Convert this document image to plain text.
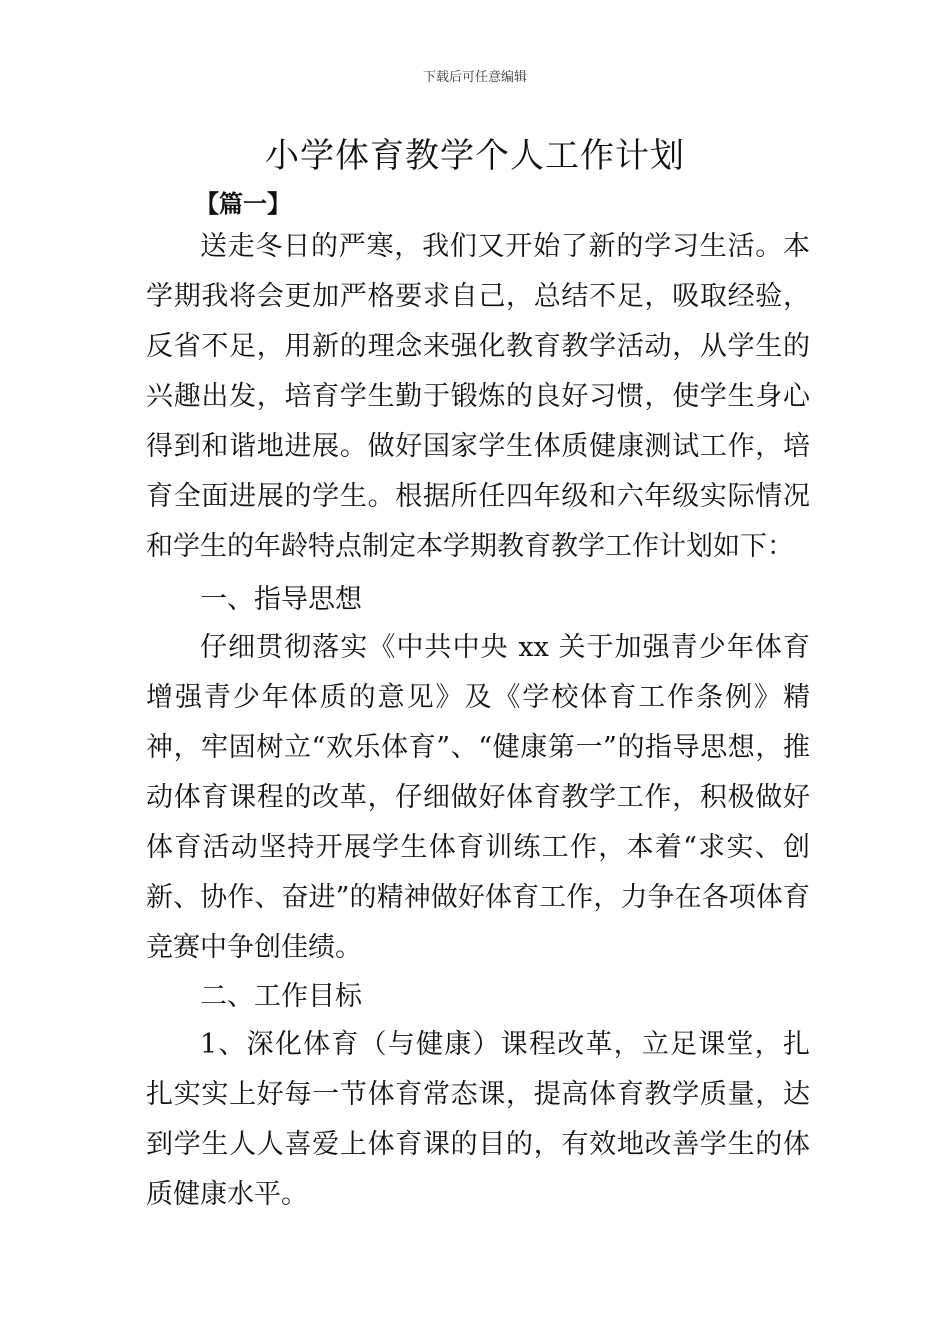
下载后可任意编辑
小学体育教学个人工作计划
【篇一】

送走冬日的严寒，我们又开始了新的学习生活。本学期我将会更加严格要求自己，总结不足，吸取经验，反省不足，用新的理念来强化教育教学活动，从学生的兴趣出发，培育学生勤于锻炼的良好习惯，使学生身心得到和谐地进展。做好国家学生体质健康测试工作，培育全面进展的学生。根据所任四年级和六年级实际情况和学生的年龄特点制定本学期教育教学工作计划如下：

一、指导思想

仔细贯彻落实《中共中央 xx 关于加强青少年体育增强青少年体质的意见》及《学校体育工作条例》精神，牢固树立“欢乐体育”、“健康第一”的指导思想，推动体育课程的改革，仔细做好体育教学工作，积极做好体育活动坚持开展学生体育训练工作，本着“求实、创新、协作、奋进”的精神做好体育工作，力争在各项体育竞赛中争创佳绩。

二、工作目标

1、深化体育（与健康）课程改革，立足课堂，扎扎实实上好每一节体育常态课，提高体育教学质量，达到学生人人喜爱上体育课的目的，有效地改善学生的体质健康水平。
